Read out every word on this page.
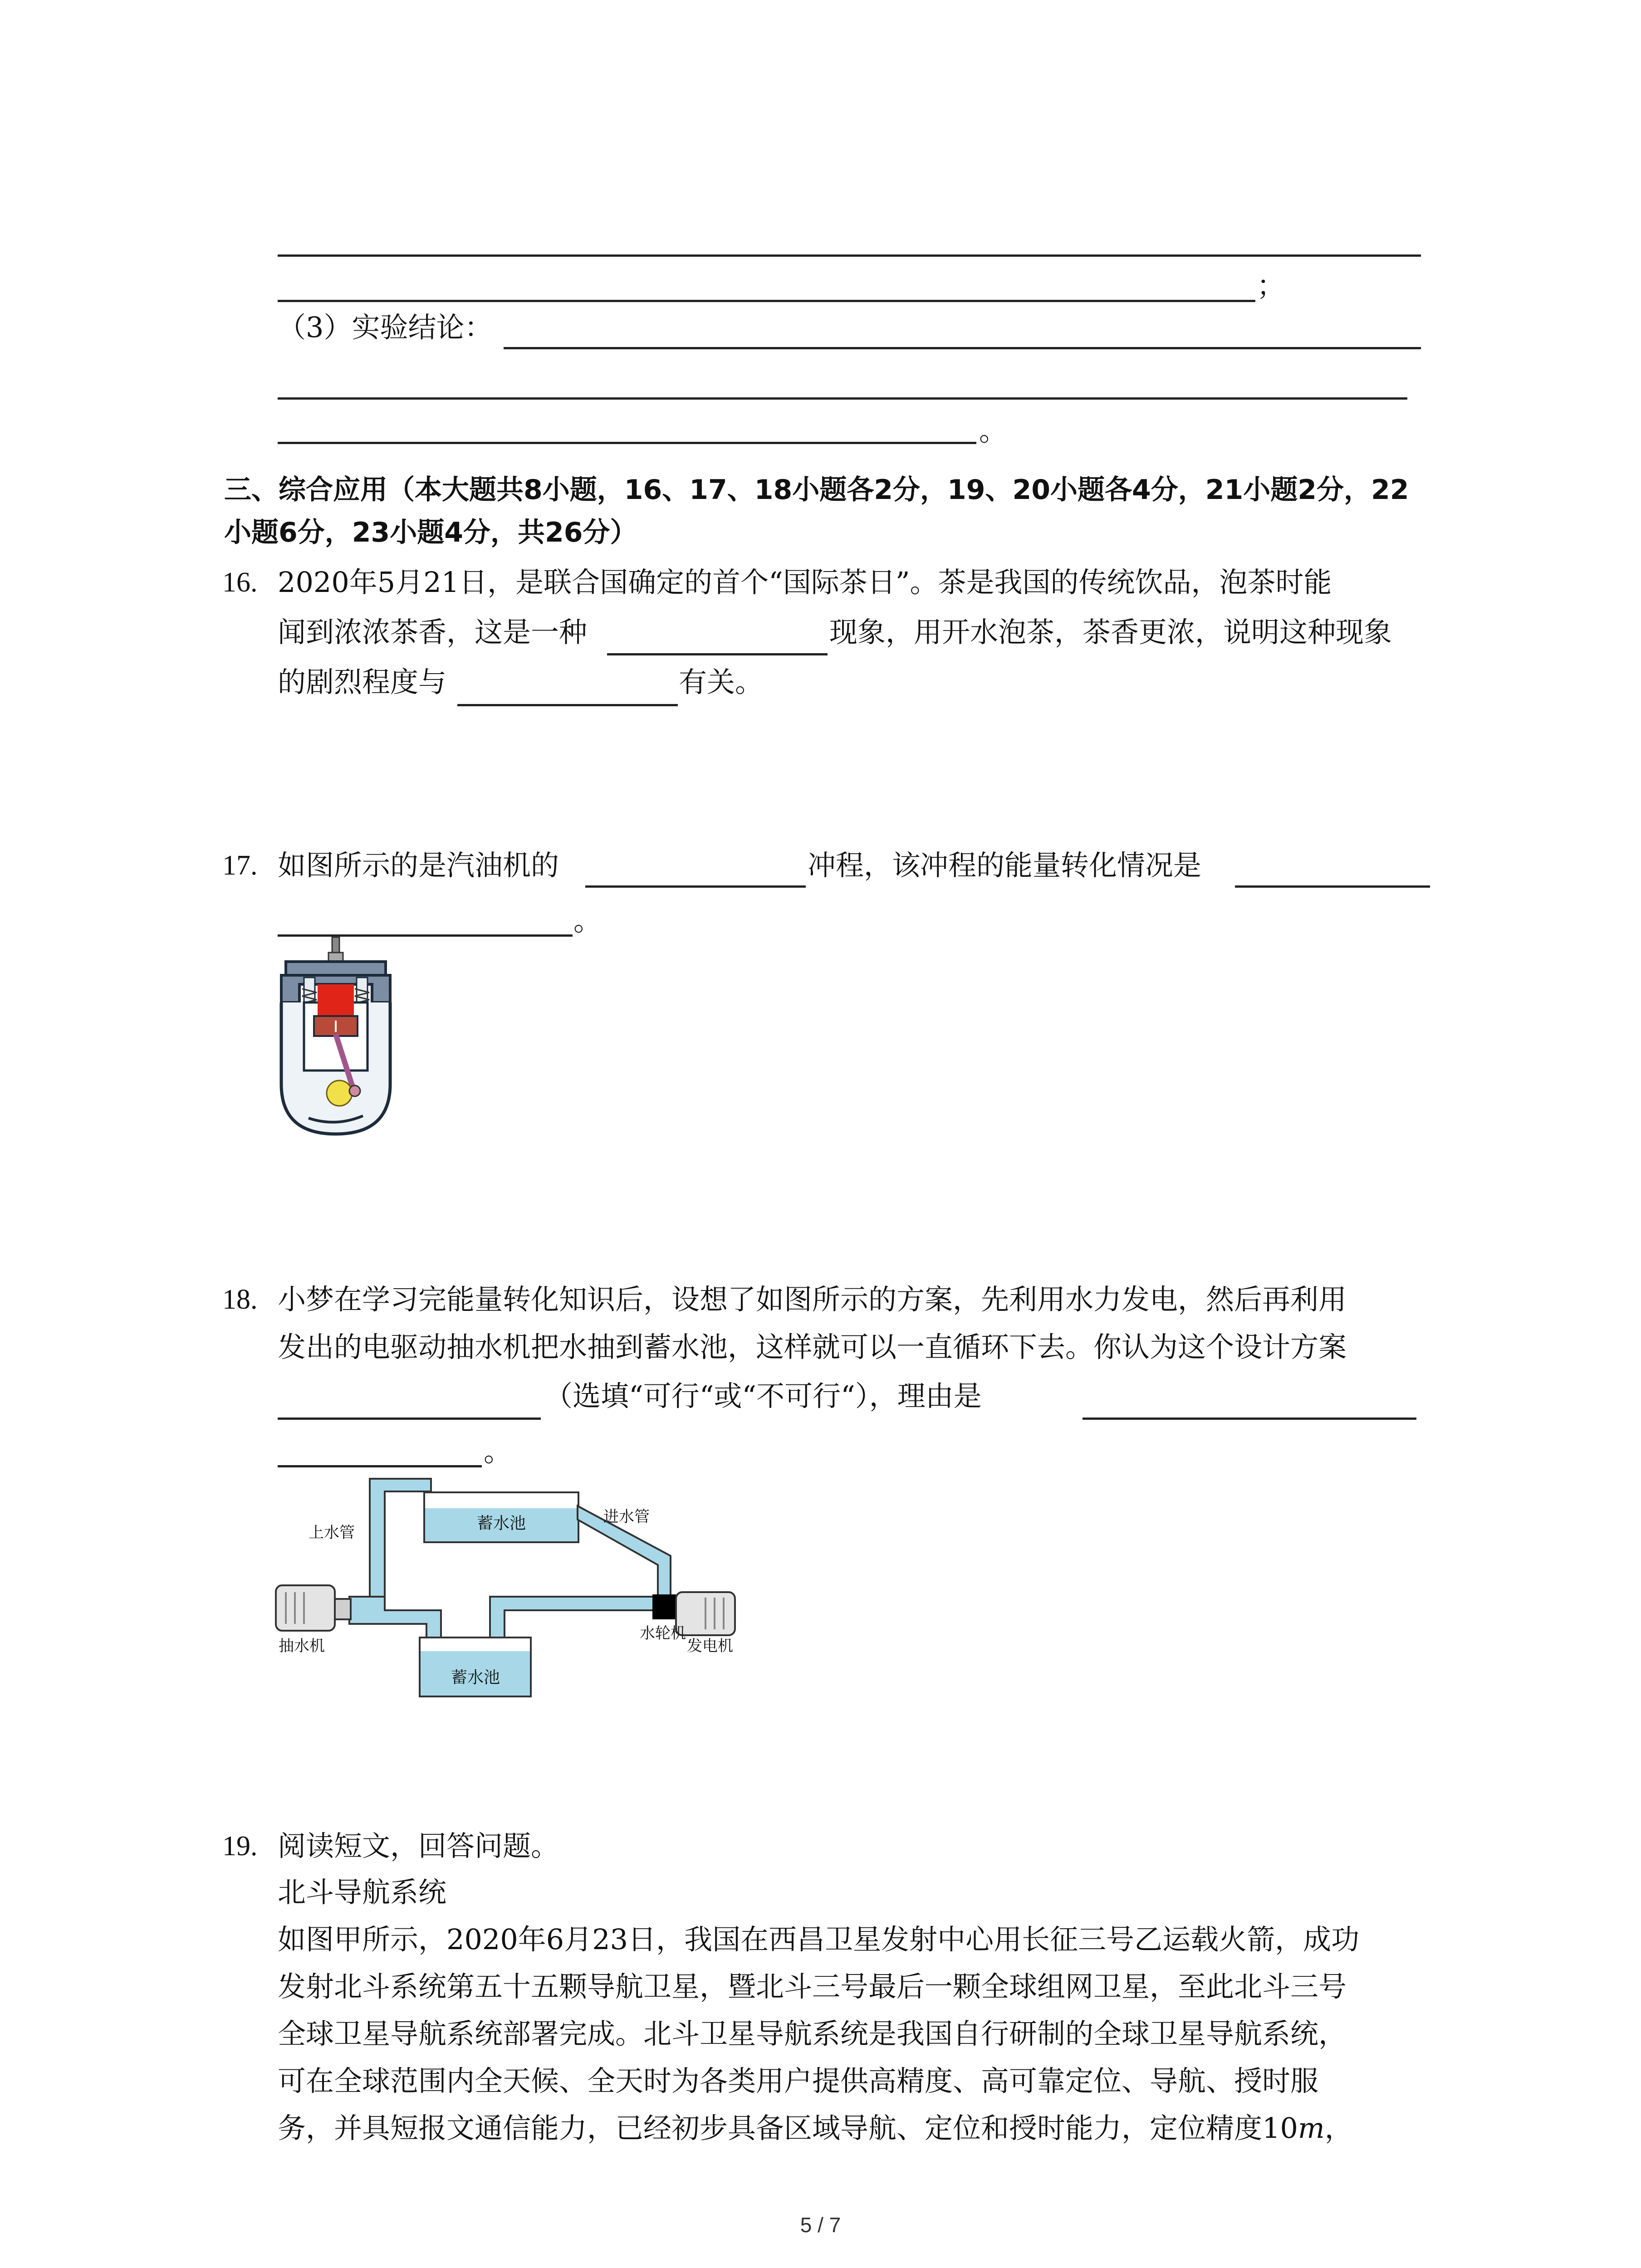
；
（3）实验结论：
。
三、综合应用（本大题共8小题，16、17、18小题各2分，19、20小题各4分，21小题2分，22
小题6分，23小题4分，共26分）
16. 2020年5月21日，是联合国确定的首个“国际茶日”。茶是我国的传统饮品，泡茶时能
闻到浓浓茶香，这是一种	现象，用开水泡茶，茶香更浓，说明这种现象
的剧烈程度与	有关。
17. 如图所示的是汽油机的	冲程，该冲程的能量转化情况是
。
18. 小梦在学习完能量转化知识后，设想了如图所示的方案，先利用水力发电，然后再利用
发出的电驱动抽水机把水抽到蓄水池，这样就可以一直循环下去。你认为这个设计方案
（选填“可行“或“不可行“），理由是
。
蓄水池
蓄水池
上水管
进水管
抽水机
水轮机
发电机
19. 阅读短文，回答问题。
北斗导航系统
如图甲所示，2020年6月23日，我国在西昌卫星发射中心用长征三号乙运载火箭，成功
发射北斗系统第五十五颗导航卫星，暨北斗三号最后一颗全球组网卫星，至此北斗三号
全球卫星导航系统部署完成。北斗卫星导航系统是我国自行研制的全球卫星导航系统，
可在全球范围内全天候、全天时为各类用户提供高精度、高可靠定位、导航、授时服
务，并具短报文通信能力，已经初步具备区域导航、定位和授时能力，定位精度10m，
5 / 7
